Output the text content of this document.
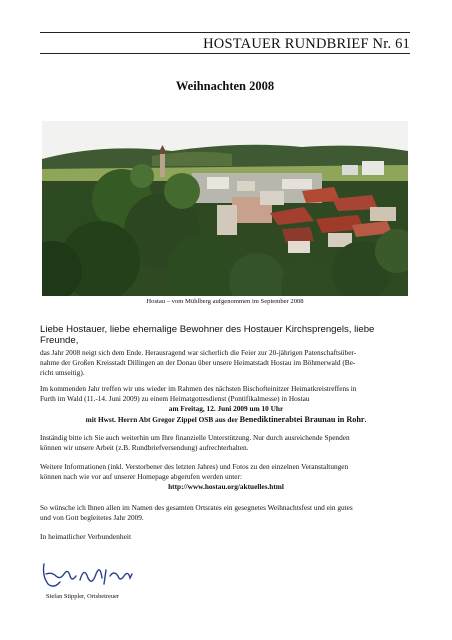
HOSTAUER RUNDBRIEF Nr. 61
Weihnachten 2008
Hostau – vom Mühlberg aufgenommen im September 2008
Liebe Hostauer, liebe ehemalige Bewohner des Hostauer Kirchsprengels, liebe Freunde,

das Jahr 2008 neigt sich dem Ende. Herausragend war sicherlich die Feier zur 20-jährigen Patenschaftsüber-

nahme der Großen Kreisstadt Dillingen an der Donau über unsere Heimatstadt Hostau im Böhmerwald (Be-

richt umseitig).

Im kommenden Jahr treffen wir uns wieder im Rahmen des nächsten Bischofteinitzer Heimatkreistreffens in

Furth im Wald (11.-14. Juni 2009) zu einem Heimatgottesdienst (Pontifikalmesse) in Hostau

am Freitag, 12. Juni 2009 um 10 Uhr

mit Hwst. Herrn Abt Gregor Zippel OSB aus der Benediktinerabtei Braunau in Rohr.

Inständig bitte ich Sie auch weiterhin um Ihre finanzielle Unterstützung. Nur durch ausreichende Spenden

können wir unsere Arbeit (z.B. Rundbriefversendung) aufrechterhalten.

Weitere Informationen (inkl. Verstorbener des letzten Jahres) und Fotos zu den einzelnen Veranstaltungen

können nach wie vor auf unserer Homepage abgerufen werden unter:

http://www.hostau.org/aktuelles.html

So wünsche ich Ihnen allen im Namen des gesamten Ortsrates ein gesegnetes Weihnachtsfest und ein gutes

und von Gott begleitetes Jahr 2009.

In heimatlicher Verbundenheit
Stefan Stippler, Ortsbetreuer
